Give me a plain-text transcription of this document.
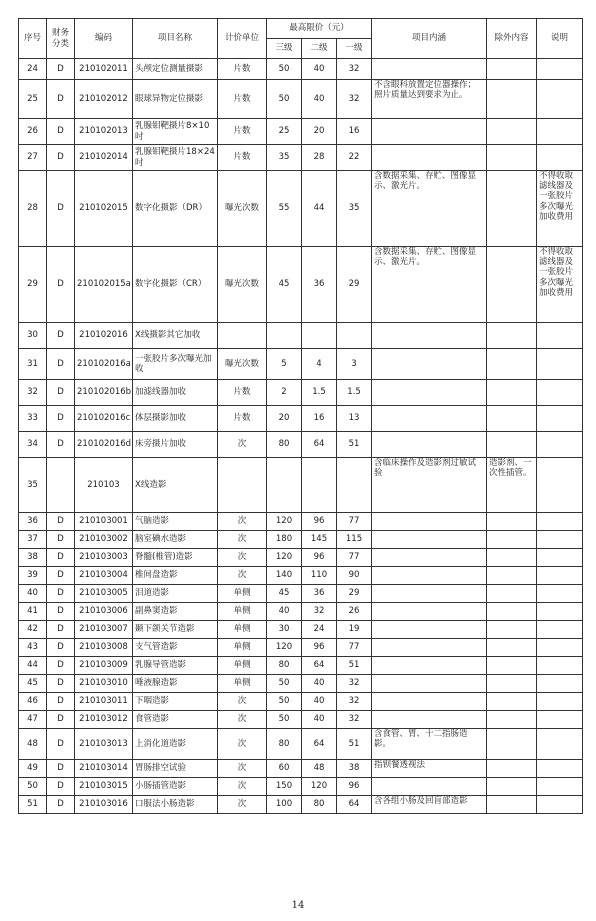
序号	财务分类	编码	项目名称	计价单位	最高限价（元）			项目内涵	除外内容	说明
					三级	二级	一级			
24	D	210102011	头颅定位测量摄影	片数	50	40	32			
25	D	210102012	眼球异物定位摄影	片数	50	40	32	不含眼科放置定位器操作；照片质量达到要求为止。		
26	D	210102013	乳腺钼靶摄片8×10吋	片数	25	20	16			
27	D	210102014	乳腺钼靶摄片18×24吋	片数	35	28	22			
28	D	210102015	数字化摄影（DR）	曝光次数	55	44	35	含数据采集、存贮、图像显示、激光片。		不得收取滤线器及一张胶片多次曝光加收费用
29	D	210102015a	数字化摄影（CR）	曝光次数	45	36	29	含数据采集、存贮、图像显示、激光片。		不得收取滤线器及一张胶片多次曝光加收费用
30	D	210102016	X线摄影其它加收							
31	D	210102016a	一张胶片多次曝光加收	曝光次数	5	4	3			
32	D	210102016b	加滤线器加收	片数	2	1.5	1.5			
33	D	210102016c	体层摄影加收	片数	20	16	13			
34	D	210102016d	床旁摄片加收	次	80	64	51			
35		210103	X线造影					含临床操作及造影剂过敏试验	造影剂、一次性插管。	
36	D	210103001	气脑造影	次	120	96	77			
37	D	210103002	脑室碘水造影	次	180	145	115			
38	D	210103003	脊髓(椎管)造影	次	120	96	77			
39	D	210103004	椎间盘造影	次	140	110	90			
40	D	210103005	泪道造影	单侧	45	36	29			
41	D	210103006	副鼻窦造影	单侧	40	32	26			
42	D	210103007	颞下颌关节造影	单侧	30	24	19			
43	D	210103008	支气管造影	单侧	120	96	77			
44	D	210103009	乳腺导管造影	单侧	80	64	51			
45	D	210103010	唾液腺造影	单侧	50	40	32			
46	D	210103011	下咽造影	次	50	40	32			
47	D	210103012	食管造影	次	50	40	32			
48	D	210103013	上消化道造影	次	80	64	51	含食管、胃、十二指肠造影。		
49	D	210103014	胃肠排空试验	次	60	48	38	指钡餐透视法		
50	D	210103015	小肠插管造影	次	150	120	96			
51	D	210103016	口服法小肠造影	次	100	80	64	含各组小肠及回盲部造影		
14
